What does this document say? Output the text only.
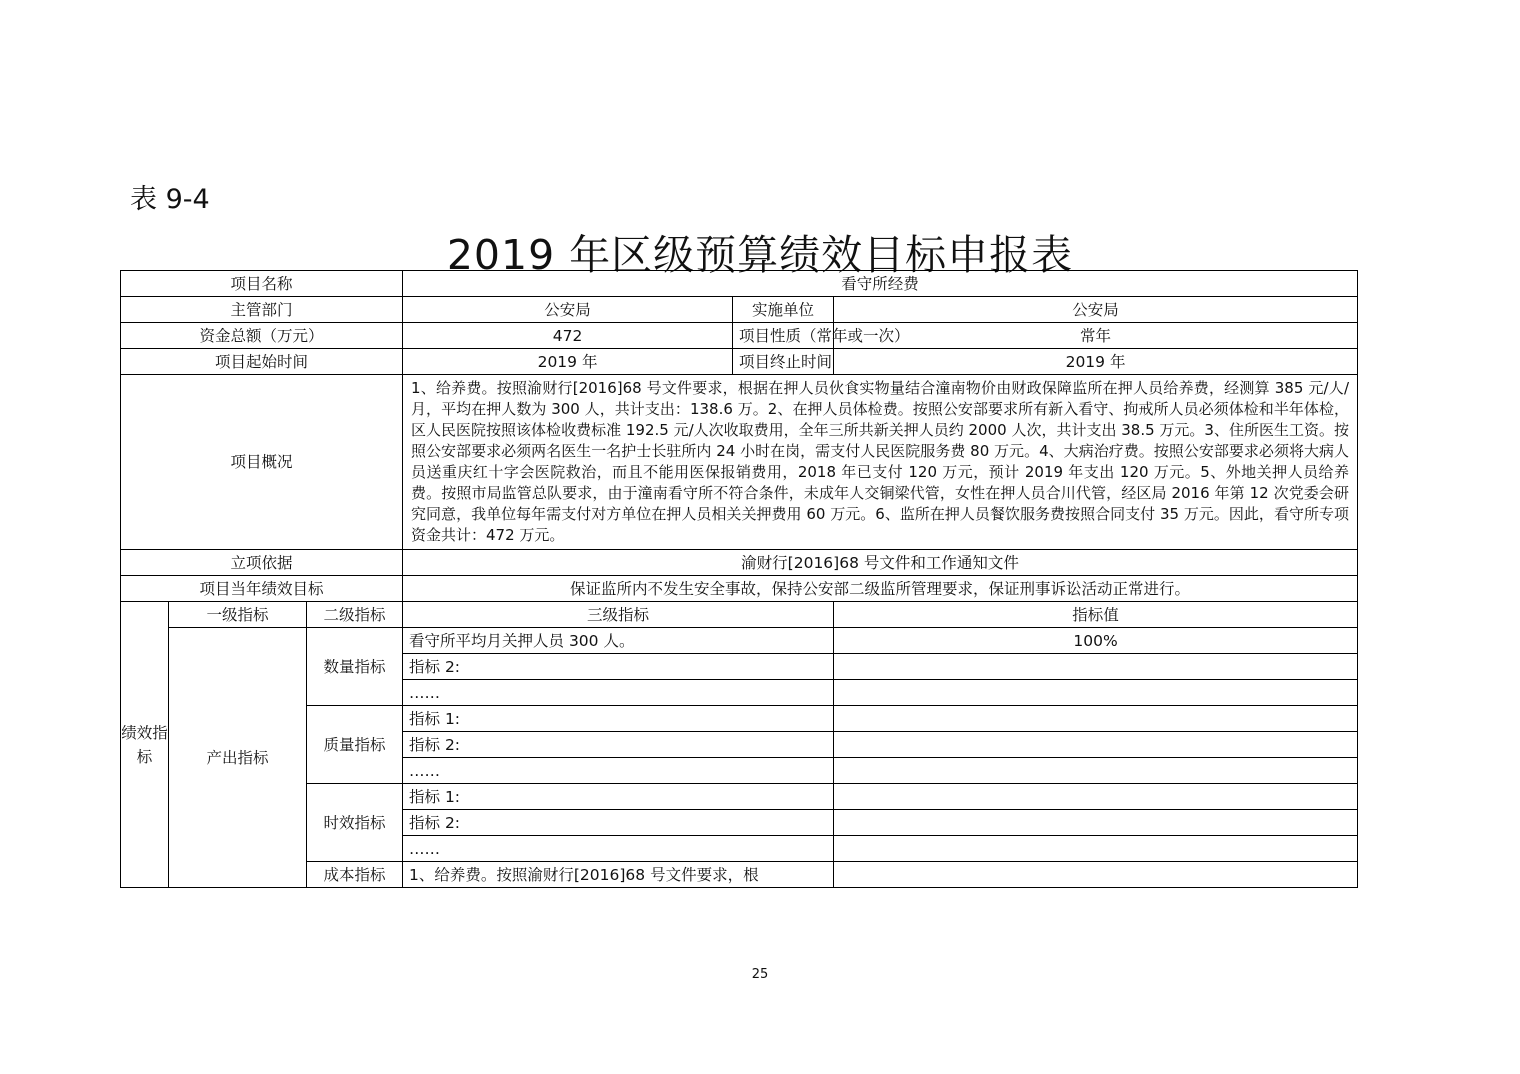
表 9-4
2019 年区级预算绩效目标申报表
项目名称			看守所经费		
主管部门			公安局	实施单位	公安局
资金总额（万元）			472	项目性质（常年或一次）	常年
项目起始时间			2019 年	项目终止时间	2019 年
项目概况			1、给养费。按照渝财行[2016]68 号文件要求，根据在押人员伙食实物量结合潼南物价由财政保障监所在押人员给养费，经测算 385 元/人/月，平均在押人数为 300 人，共计支出：138.6 万。2、在押人员体检费。按照公安部要求所有新入看守、拘戒所人员必须体检和半年体检，区人民医院按照该体检收费标准 192.5 元/人次收取费用，全年三所共新关押人员约 2000 人次，共计支出 38.5 万元。3、住所医生工资。按照公安部要求必须两名医生一名护士长驻所内 24 小时在岗，需支付人民医院服务费 80 万元。4、大病治疗费。按照公安部要求必须将大病人员送重庆红十字会医院救治，而且不能用医保报销费用，2018 年已支付 120 万元，预计 2019 年支出 120 万元。5、外地关押人员给养费。按照市局监管总队要求，由于潼南看守所不符合条件，未成年人交铜梁代管，女性在押人员合川代管，经区局 2016 年第 12 次党委会研究同意，我单位每年需支付对方单位在押人员相关关押费用 60 万元。6、监所在押人员餐饮服务费按照合同支付 35 万元。因此，看守所专项资金共计：472 万元。		
立项依据			渝财行[2016]68 号文件和工作通知文件		
项目当年绩效目标			保证监所内不发生安全事故，保持公安部二级监所管理要求，保证刑事诉讼活动正常进行。		
绩效指标	一级指标	二级指标	三级指标		指标值
	产出指标	数量指标	看守所平均月关押人员 300 人。		100%
			指标 2:		
			……		
		质量指标	指标 1:		
			指标 2:		
			……		
		时效指标	指标 1:		
			指标 2:		
			……		
		成本指标	1、给养费。按照渝财行[2016]68 号文件要求，根		
25
